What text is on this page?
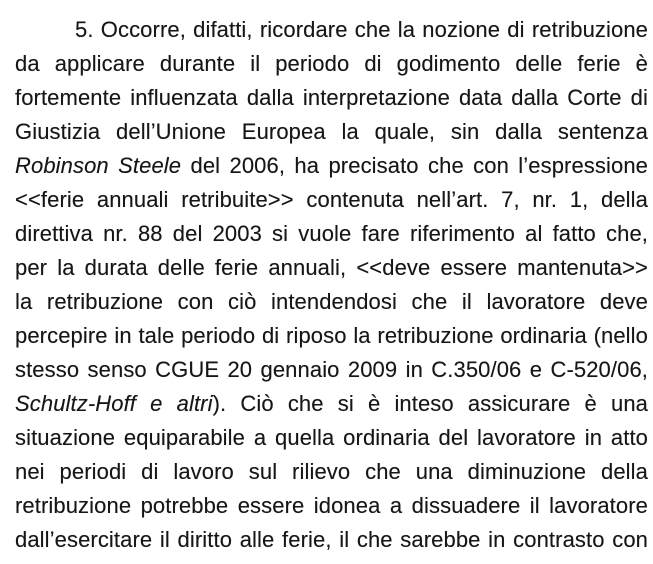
5. Occorre, difatti, ricordare che la nozione di retribuzione
da applicare durante il periodo di godimento delle ferie è
fortemente influenzata dalla interpretazione data dalla Corte di
Giustizia dell’Unione Europea la quale, sin dalla sentenza
Robinson Steele del 2006, ha precisato che con l’espressione
<<ferie annuali retribuite>> contenuta nell’art. 7, nr. 1, della
direttiva nr. 88 del 2003 si vuole fare riferimento al fatto che,
per la durata delle ferie annuali, <<deve essere mantenuta>>
la retribuzione con ciò intendendosi che il lavoratore deve
percepire in tale periodo di riposo la retribuzione ordinaria (nello
stesso senso CGUE 20 gennaio 2009 in C.350/06 e C-520/06,
Schultz-Hoff e altri). Ciò che si è inteso assicurare è una
situazione equiparabile a quella ordinaria del lavoratore in atto
nei periodi di lavoro sul rilievo che una diminuzione della
retribuzione potrebbe essere idonea a dissuadere il lavoratore
dall’esercitare il diritto alle ferie, il che sarebbe in contrasto con
